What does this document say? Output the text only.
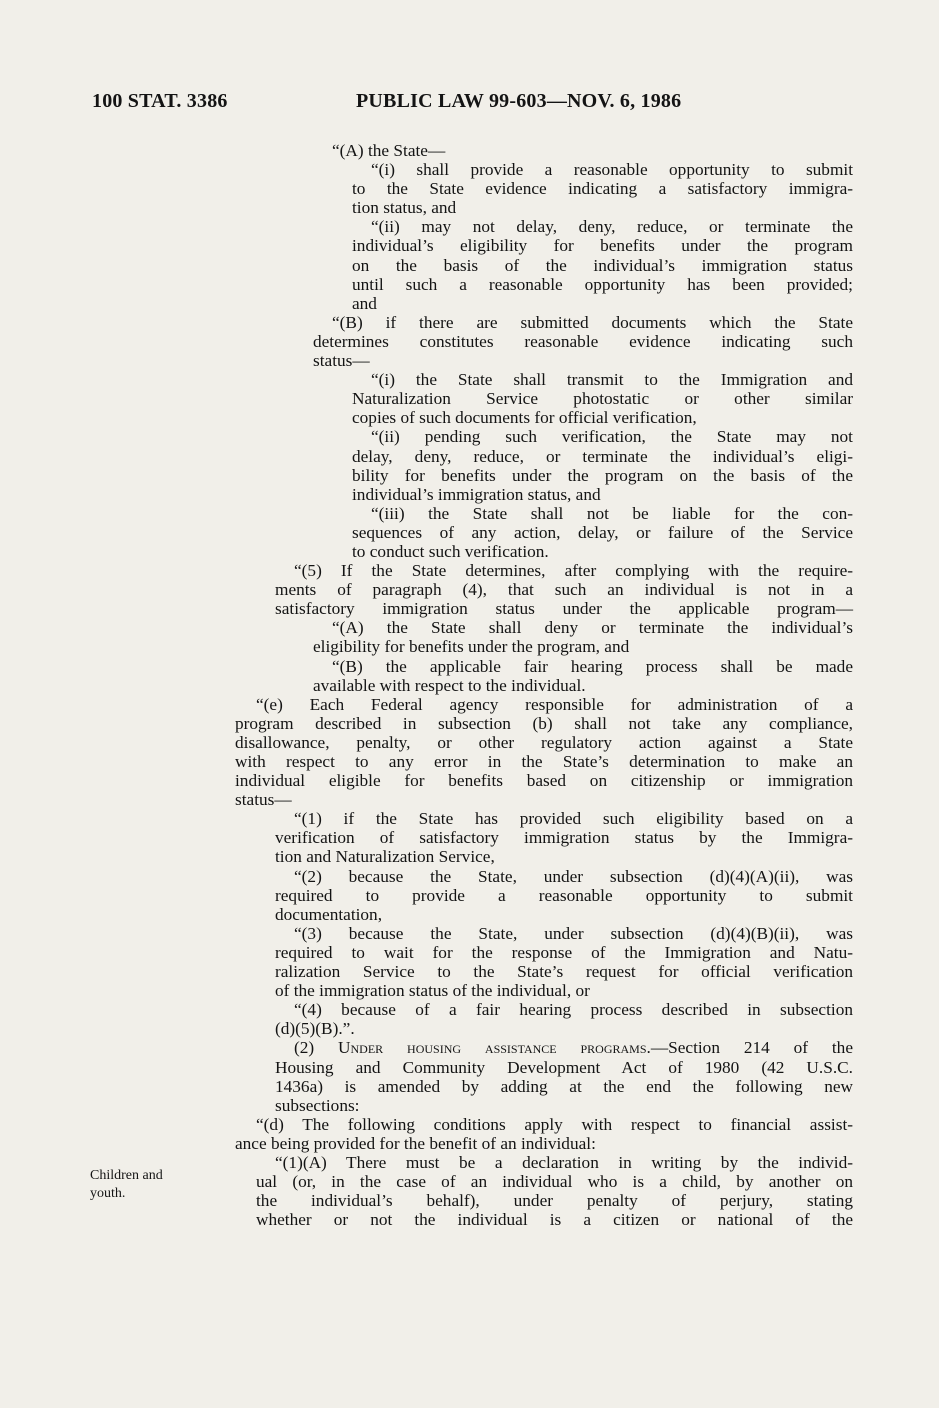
100 STAT. 3386	PUBLIC LAW 99-603—NOV. 6, 1986
Children and
youth.
“(A) the State—
“(i) shall provide a reasonable opportunity to submit
to the State evidence indicating a satisfactory immigra-
tion status, and
“(ii) may not delay, deny, reduce, or terminate the
individual’s eligibility for benefits under the program
on the basis of the individual’s immigration status
until such a reasonable opportunity has been provided;
and
“(B) if there are submitted documents which the State
determines constitutes reasonable evidence indicating such
status—
“(i) the State shall transmit to the Immigration and
Naturalization Service photostatic or other similar
copies of such documents for official verification,
“(ii) pending such verification, the State may not
delay, deny, reduce, or terminate the individual’s eligi-
bility for benefits under the program on the basis of the
individual’s immigration status, and
“(iii) the State shall not be liable for the con-
sequences of any action, delay, or failure of the Service
to conduct such verification.
“(5) If the State determines, after complying with the require-
ments of paragraph (4), that such an individual is not in a
satisfactory immigration status under the applicable program—
“(A) the State shall deny or terminate the individual’s
eligibility for benefits under the program, and
“(B) the applicable fair hearing process shall be made
available with respect to the individual.
“(e) Each Federal agency responsible for administration of a
program described in subsection (b) shall not take any compliance,
disallowance, penalty, or other regulatory action against a State
with respect to any error in the State’s determination to make an
individual eligible for benefits based on citizenship or immigration
status—
“(1) if the State has provided such eligibility based on a
verification of satisfactory immigration status by the Immigra-
tion and Naturalization Service,
“(2) because the State, under subsection (d)(4)(A)(ii), was
required to provide a reasonable opportunity to submit
documentation,
“(3) because the State, under subsection (d)(4)(B)(ii), was
required to wait for the response of the Immigration and Natu-
ralization Service to the State’s request for official verification
of the immigration status of the individual, or
“(4) because of a fair hearing process described in subsection
(d)(5)(B).”.
(2) Under housing assistance programs.—Section 214 of the
Housing and Community Development Act of 1980 (42 U.S.C.
1436a) is amended by adding at the end the following new
subsections:
“(d) The following conditions apply with respect to financial assist-
ance being provided for the benefit of an individual:
“(1)(A) There must be a declaration in writing by the individ-
ual (or, in the case of an individual who is a child, by another on
the individual’s behalf), under penalty of perjury, stating
whether or not the individual is a citizen or national of the
